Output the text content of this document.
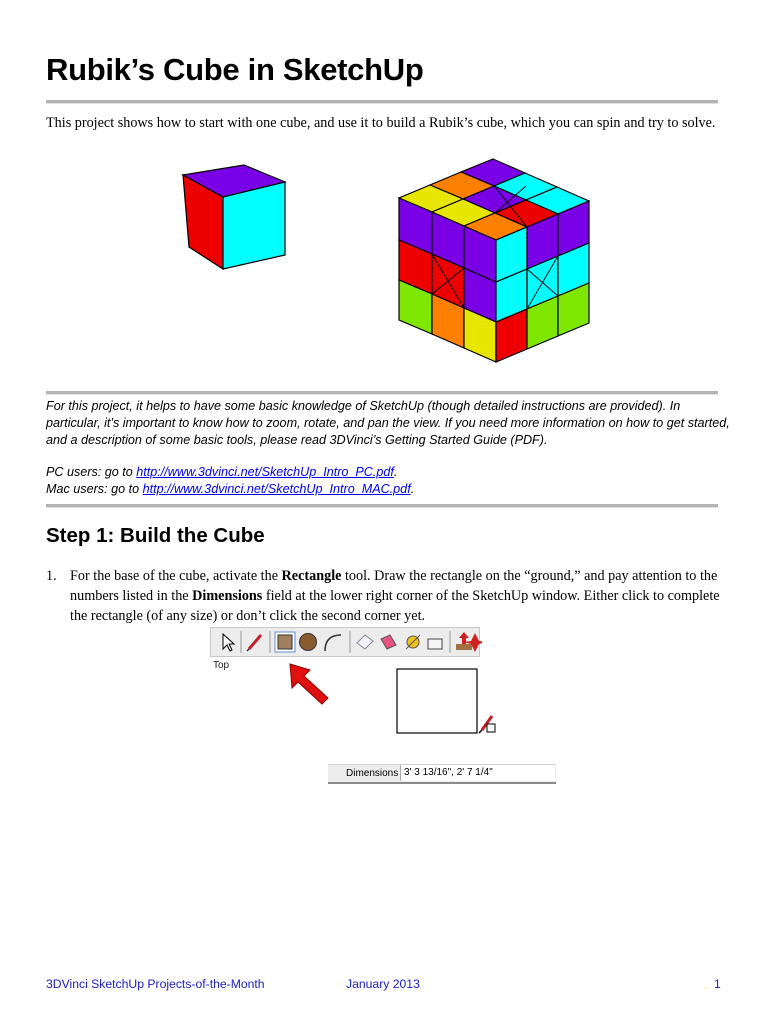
Rubik’s Cube in SketchUp

This project shows how to start with one cube, and use it to build a Rubik’s cube, which you can spin and try to solve.

For this project, it helps to have some basic knowledge of SketchUp (though detailed instructions are provided). In particular, it’s important to know how to zoom, rotate, and pan the view. If you need more information on how to get started, and a description of some basic tools, please read 3DVinci’s Getting Started Guide (PDF).

PC users: go to http://www.3dvinci.net/SketchUp_Intro_PC.pdf.

Mac users: go to http://www.3dvinci.net/SketchUp_Intro_MAC.pdf.

Step 1: Build the Cube
1. For the base of the cube, activate the Rectangle tool. Draw the rectangle on the “ground,” and pay attention to the numbers listed in the Dimensions field at the lower right corner of the SketchUp window. Either click to complete the rectangle (of any size) or don’t click the second corner yet.

Top
Dimensions 3' 3 13/16", 2' 7 1/4"
3DVinci SketchUp Projects-of-the-Month	January 2013	1
